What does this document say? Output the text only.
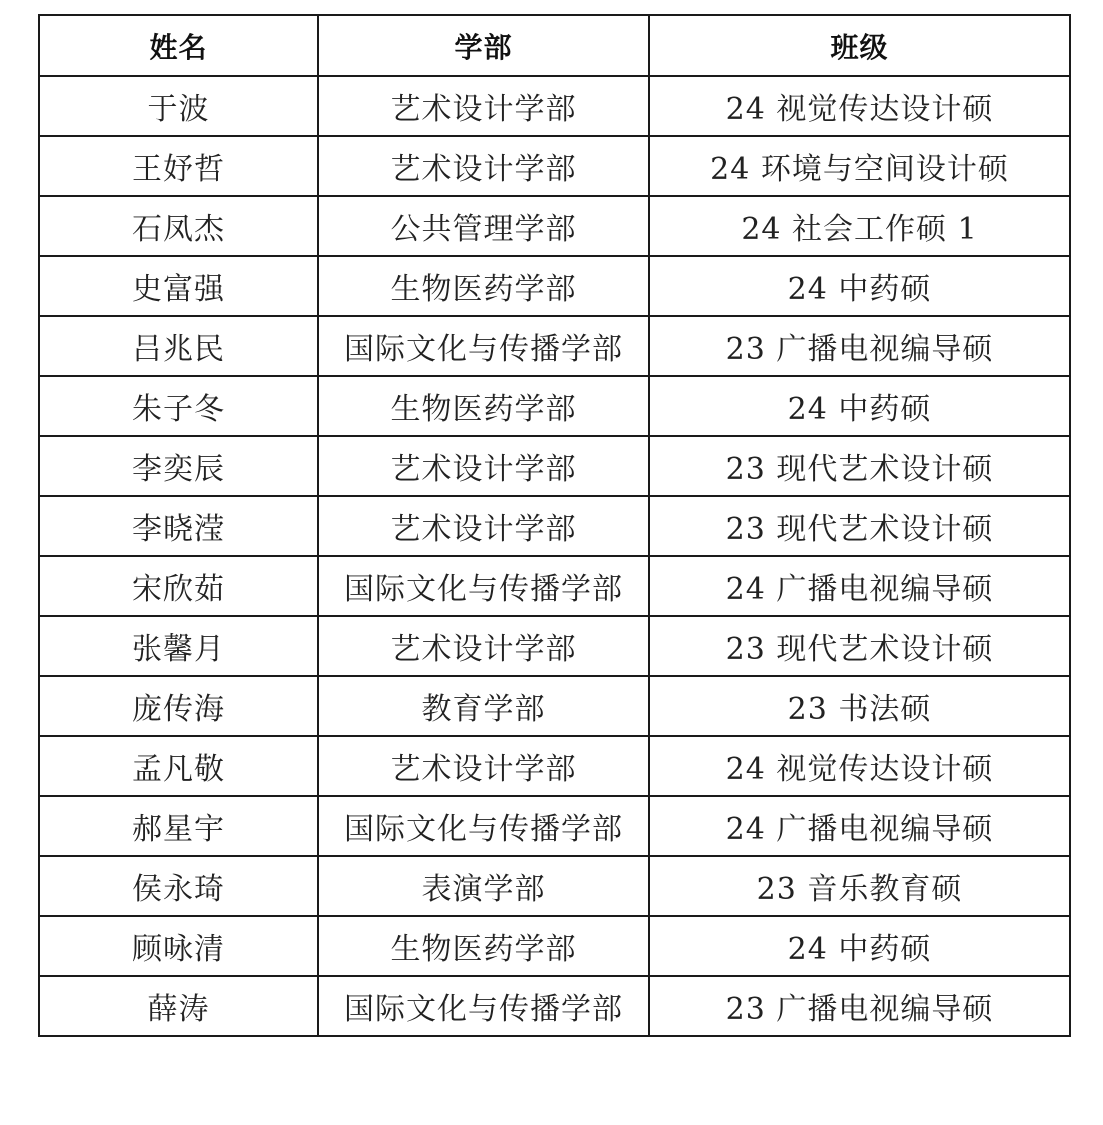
姓名	学部	班级
于波	艺术设计学部	24 视觉传达设计硕
王妤哲	艺术设计学部	24 环境与空间设计硕
石凤杰	公共管理学部	24 社会工作硕 1
史富强	生物医药学部	24 中药硕
吕兆民	国际文化与传播学部	23 广播电视编导硕
朱子冬	生物医药学部	24 中药硕
李奕辰	艺术设计学部	23 现代艺术设计硕
李晓滢	艺术设计学部	23 现代艺术设计硕
宋欣茹	国际文化与传播学部	24 广播电视编导硕
张馨月	艺术设计学部	23 现代艺术设计硕
庞传海	教育学部	23 书法硕
孟凡敬	艺术设计学部	24 视觉传达设计硕
郝星宇	国际文化与传播学部	24 广播电视编导硕
侯永琦	表演学部	23 音乐教育硕
顾咏清	生物医药学部	24 中药硕
薛涛	国际文化与传播学部	23 广播电视编导硕
